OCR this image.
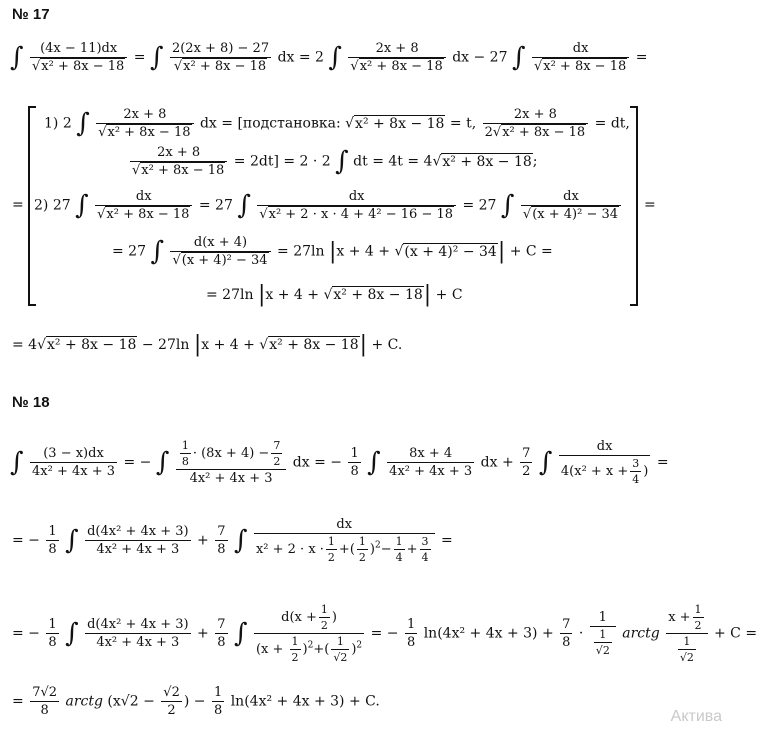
№ 17
∫ $\frac{(4x - 11)dx}{\text{√x² + 8x − 18}}$ = ∫ $\frac{2(2x + 8) - 27}{\text{√x² + 8x − 18}}$ dx = 2 ∫ $\frac{2x + 8}{\text{√x² + 8x − 18}}$ dx − 27 ∫ $\frac{dx}{\text{√x² + 8x − 18}}$ =
=	=
1) 2 ∫ $\frac{2x + 8}{\text{√x² + 8x − 18}}$ dx = [подстановка: √x² + 8x − 18 = t, $\frac{2x + 8}{\text{2√x² + 8x − 18}}$ = dt,
$\frac{2x + 8}{\text{√x² + 8x − 18}} = 2dt] = 2 \cdot 2$ ∫ dt = 4t = 4√x² + 8x − 18;
2) 27 ∫ $\frac{dx}{\text{√x² + 8x − 18}} = 27$ ∫ $\frac{dx}{\text{√x² + 2 · x · 4 + 4² − 16 − 18}} = 27$ ∫ $\frac{dx}{\text{√(x + 4)² − 34}}$
= 27 ∫ $\frac{d(x + 4)}{\text{√(x + 4)² − 34}} = 27\ln$ |x + 4 + √(x + 4)² − 34| + C =
= 27ln |x + 4 + √x² + 8x − 18| + C
= 4√x² + 8x − 18 − 27ln |x + 4 + √x² + 8x − 18| + C.
№ 18
∫ $\frac{(3 - x)dx}{\text{4x² + 4x + 3}}$ = − ∫ $\frac{\frac{1}{8} \cdot (8x + 4) - \frac{7}{2}}{\text{4x² + 4x + 3}}$ dx = − $\frac{1}{8}$ ∫ $\frac{8x + 4}{\text{4x² + 4x + 3}}$ dx + $\frac{7}{2}$ ∫ $\frac{dx}{4(x^2 + x + \frac{3}{4} )}$ =
= − $\frac{1}{8}$ ∫ $\frac{\text{d(4x² + 4x + 3)}}{\text{4x² + 4x + 3}} + \frac{7}{8}$ ∫ $\frac{dx}{x^2 + 2 \cdot x \cdot \frac{1}{2} +( \frac{1}{2} )^2- \frac{1}{4} + \frac{3}{4}}$ =
= − $\frac{1}{8}$ ∫ $\frac{\text{d(4x² + 4x + 3)}}{\text{4x² + 4x + 3}} + \frac{7}{8}$ ∫ $\frac{d(x + \frac{1}{2} )}{(x + \frac{1}{2} )^2+( \frac{1}{√2} )^2}$ = − $\frac{1}{8} \ln(4x^2 + 4x + 3) + \frac{7}{8} \cdot \frac{1}{\frac{1}{√2}}$ arctg $\frac{x + \frac{1}{2}}{\frac{1}{√2}} + C$ =
= $\frac{7√2}{8}$ arctg ($x√2 - \frac{√2}{2}$ ) − $\frac{1}{8} \ln(4x^2 + 4x + 3) + C$.
Актива
